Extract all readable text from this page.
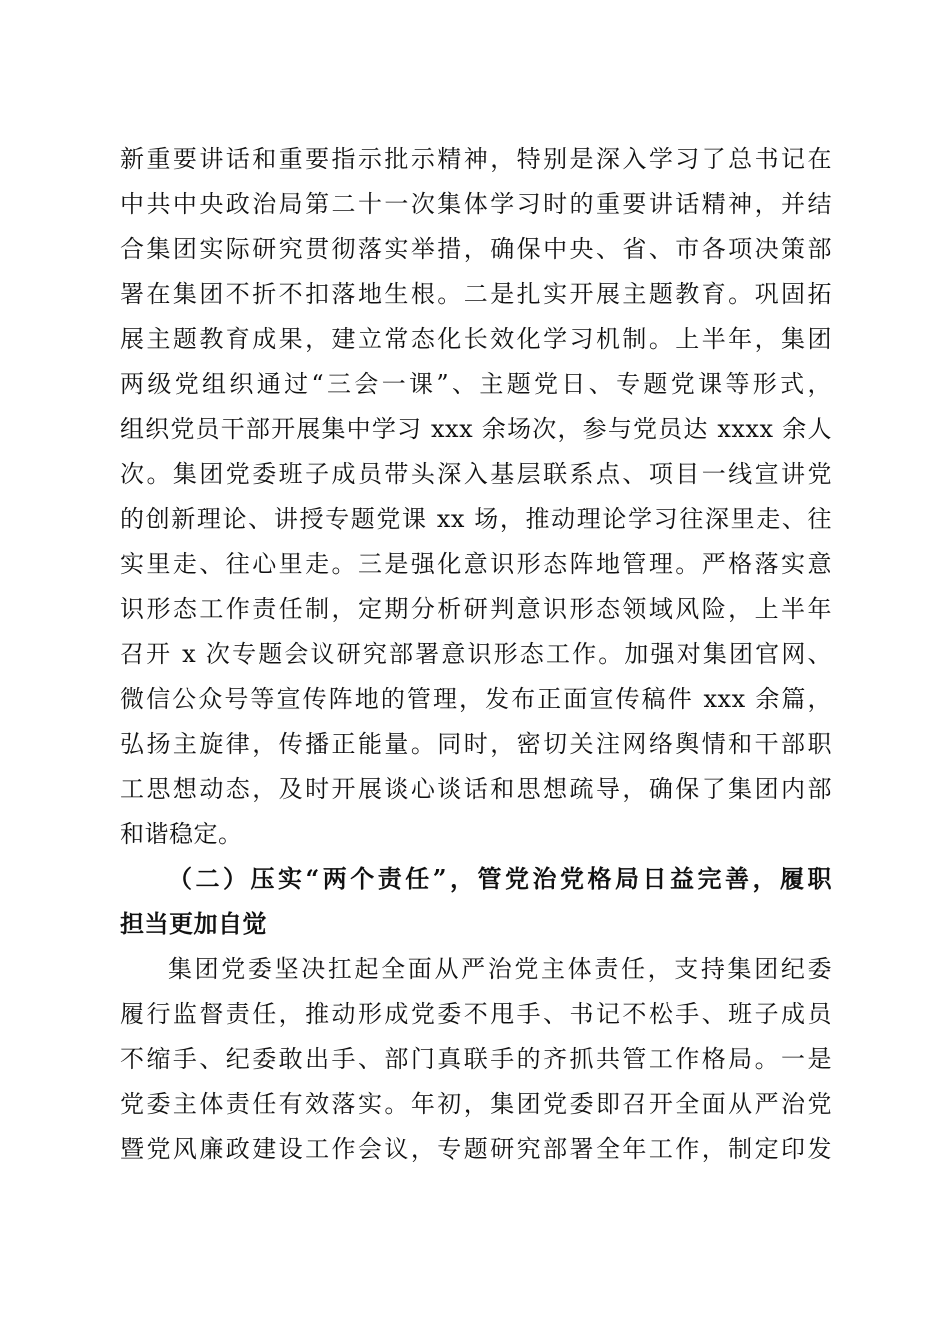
新重要讲话和重要指示批示精神，特别是深入学习了总书记在
中共中央政治局第二十一次集体学习时的重要讲话精神，并结
合集团实际研究贯彻落实举措，确保中央、省、市各项决策部
署在集团不折不扣落地生根。二是扎实开展主题教育。巩固拓
展主题教育成果，建立常态化长效化学习机制。上半年，集团
两级党组织通过“三会一课”、主题党日、专题党课等形式，
组织党员干部开展集中学习 xxx 余场次，参与党员达 xxxx 余人
次。集团党委班子成员带头深入基层联系点、项目一线宣讲党
的创新理论、讲授专题党课 xx 场，推动理论学习往深里走、往
实里走、往心里走。三是强化意识形态阵地管理。严格落实意
识形态工作责任制，定期分析研判意识形态领域风险，上半年
召开 x 次专题会议研究部署意识形态工作。加强对集团官网、
微信公众号等宣传阵地的管理，发布正面宣传稿件 xxx 余篇，
弘扬主旋律，传播正能量。同时，密切关注网络舆情和干部职
工思想动态，及时开展谈心谈话和思想疏导，确保了集团内部
和谐稳定。
（二）压实“两个责任”，管党治党格局日益完善，履职
担当更加自觉
集团党委坚决扛起全面从严治党主体责任，支持集团纪委
履行监督责任，推动形成党委不甩手、书记不松手、班子成员
不缩手、纪委敢出手、部门真联手的齐抓共管工作格局。一是
党委主体责任有效落实。年初，集团党委即召开全面从严治党
暨党风廉政建设工作会议，专题研究部署全年工作，制定印发
